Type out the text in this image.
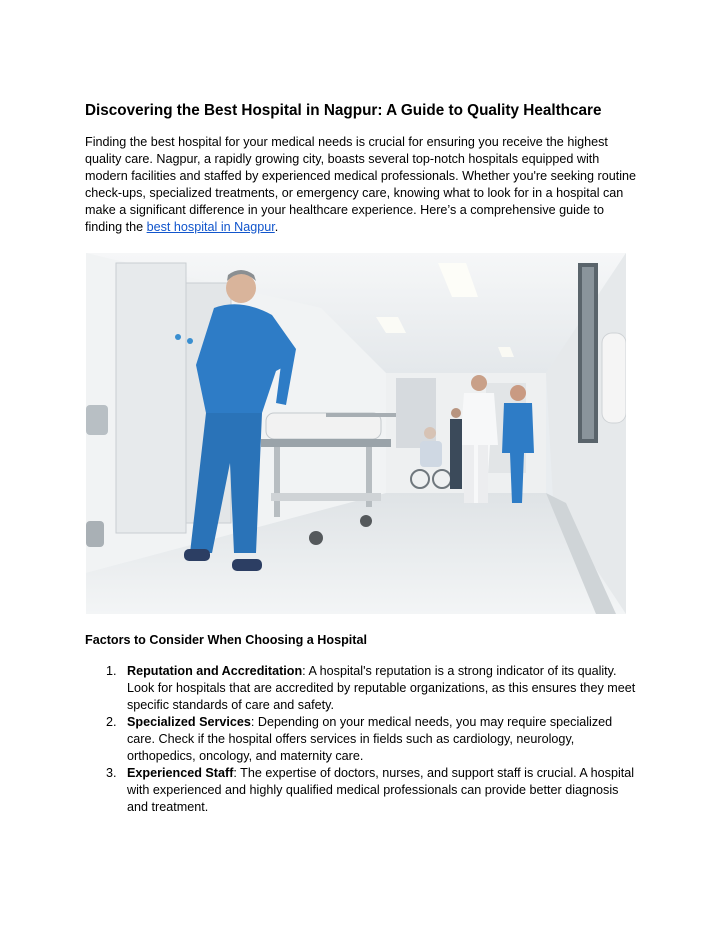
Discovering the Best Hospital in Nagpur: A Guide to Quality Healthcare

Finding the best hospital for your medical needs is crucial for ensuring you receive the highest quality care. Nagpur, a rapidly growing city, boasts several top-notch hospitals equipped with modern facilities and staffed by experienced medical professionals. Whether you're seeking routine check-ups, specialized treatments, or emergency care, knowing what to look for in a hospital can make a significant difference in your healthcare experience. Here’s a comprehensive guide to finding the best hospital in Nagpur.

Factors to Consider When Choosing a Hospital
1. Reputation and Accreditation: A hospital's reputation is a strong indicator of its quality. Look for hospitals that are accredited by reputable organizations, as this ensures they meet specific standards of care and safety.
2. Specialized Services: Depending on your medical needs, you may require specialized care. Check if the hospital offers services in fields such as cardiology, neurology, orthopedics, oncology, and maternity care.
3. Experienced Staff: The expertise of doctors, nurses, and support staff is crucial. A hospital with experienced and highly qualified medical professionals can provide better diagnosis and treatment.
